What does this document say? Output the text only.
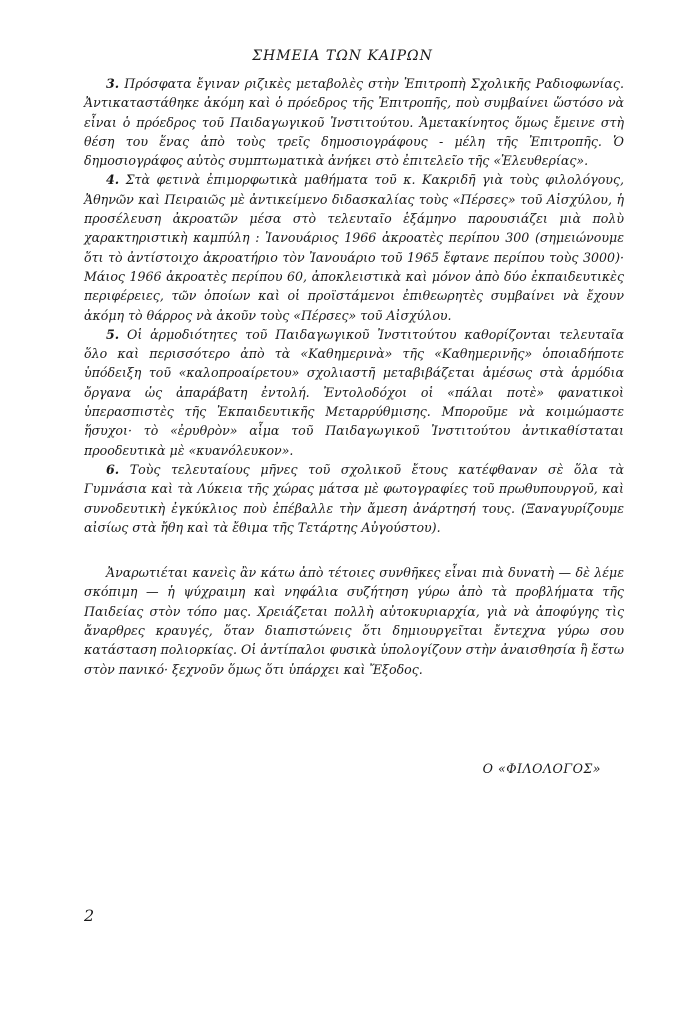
ΣΗΜΕΙΑ ΤΩΝ ΚΑΙΡΩΝ

3. Πρόσφατα ἔγιναν ριζικὲς μεταβολὲς στὴν Ἐπιτροπὴ Σχολικῆς Ραδιοφωνίας. Ἀντικαταστάθηκε ἀκόμη καὶ ὁ πρόεδρος τῆς Ἐπιτροπῆς, ποὺ συμβαίνει ὥστόσο νὰ εἶναι ὁ πρόεδρος τοῦ Παιδαγωγικοῦ Ἰνστιτούτου. Ἀμετακίνητος ὅμως ἔμεινε στὴ θέση του ἕνας ἀπὸ τοὺς τρεῖς δημοσιογράφους - μέλη τῆς Ἐπιτροπῆς. Ὁ δημοσιογράφος αὐτὸς συμπτωματικὰ ἀνήκει στὸ ἐπιτελεῖο τῆς «Ἐλευθερίας».

4. Στὰ φετινὰ ἐπιμορφωτικὰ μαθήματα τοῦ κ. Κακριδῆ γιὰ τοὺς φιλολόγους, Ἀθηνῶν καὶ Πειραιῶς μὲ ἀντικείμενο διδασκαλίας τοὺς «Πέρσες» τοῦ Αἰσχύλου, ἡ προσέλευση ἀκροατῶν μέσα στὸ τελευταῖο ἑξάμηνο παρουσιάζει μιὰ πολὺ χαρακτηριστικὴ καμπύλη : Ἰανουάριος 1966 ἀκροατὲς περίπου 300 (σημειώνουμε ὅτι τὸ ἀντίστοιχο ἀκροατήριο τὸν Ἰανουάριο τοῦ 1965 ἔφτανε περίπου τοὺς 3000)· Μάιος 1966 ἀκροατὲς περίπου 60, ἀποκλειστικὰ καὶ μόνον ἀπὸ δύο ἐκπαιδευτικὲς περιφέρειες, τῶν ὁποίων καὶ οἱ προϊστάμενοι ἐπιθεωρητὲς συμβαίνει νὰ ἔχουν ἀκόμη τὸ θάρρος νὰ ἀκοῦν τοὺς «Πέρσες» τοῦ Αἰσχύλου.

5. Οἱ ἁρμοδιότητες τοῦ Παιδαγωγικοῦ Ἰνστιτούτου καθορίζονται τελευταῖα ὅλο καὶ περισσότερο ἀπὸ τὰ «Καθημερινὰ» τῆς «Καθημερινῆς» ὁποιαδήποτε ὑπόδειξη τοῦ «καλοπροαίρετου» σχολιαστῆ μεταβιβάζεται ἀμέσως στὰ ἁρμόδια ὄργανα ὡς ἀπαράβατη ἐντολή. Ἐντολοδόχοι οἱ «πάλαι ποτὲ» φανατικοὶ ὑπερασπιστὲς τῆς Ἐκπαιδευτικῆς Μεταρρύθμισης. Μποροῦμε νὰ κοιμώμαστε ἥσυχοι· τὸ «ἐρυθρὸν» αἷμα τοῦ Παιδαγωγικοῦ Ἰνστιτούτου ἀντικαθίσταται προοδευτικὰ μὲ «κυανόλευκον».

6. Τοὺς τελευταίους μῆνες τοῦ σχολικοῦ ἔτους κατέφθαναν σὲ ὅλα τὰ Γυμνάσια καὶ τὰ Λύκεια τῆς χώρας μάτσα μὲ φωτογραφίες τοῦ πρωθυπουργοῦ, καὶ συνοδευτικὴ ἐγκύκλιος ποὺ ἐπέβαλλε τὴν ἄμεση ἀνάρτησή τους. (Ξαναγυρίζουμε αἰσίως στὰ ἤθη καὶ τὰ ἔθιμα τῆς Τετάρτης Αὐγούστου).

Ἀναρωτιέται κανεὶς ἂν κάτω ἀπὸ τέτοιες συνθῆκες εἶναι πιὰ δυνατὴ — δὲ λέμε σκόπιμη — ἡ ψύχραιμη καὶ νηφάλια συζήτηση γύρω ἀπὸ τὰ προβλήματα τῆς Παιδείας στὸν τόπο μας. Χρειάζεται πολλὴ αὐτοκυριαρχία, γιὰ νὰ ἀποφύγης τὶς ἄναρθρες κραυγές, ὅταν διαπιστώνεις ὅτι δημιουργεῖται ἔντεχνα γύρω σου κατάσταση πολιορκίας. Οἱ ἀντίπαλοι φυσικὰ ὑπολογίζουν στὴν ἀναισθησία ἢ ἔστω στὸν πανικό· ξεχνοῦν ὅμως ὅτι ὑπάρχει καὶ Ἔξοδος.

Ο «ΦΙΛΟΛΟΓΟΣ»
2
